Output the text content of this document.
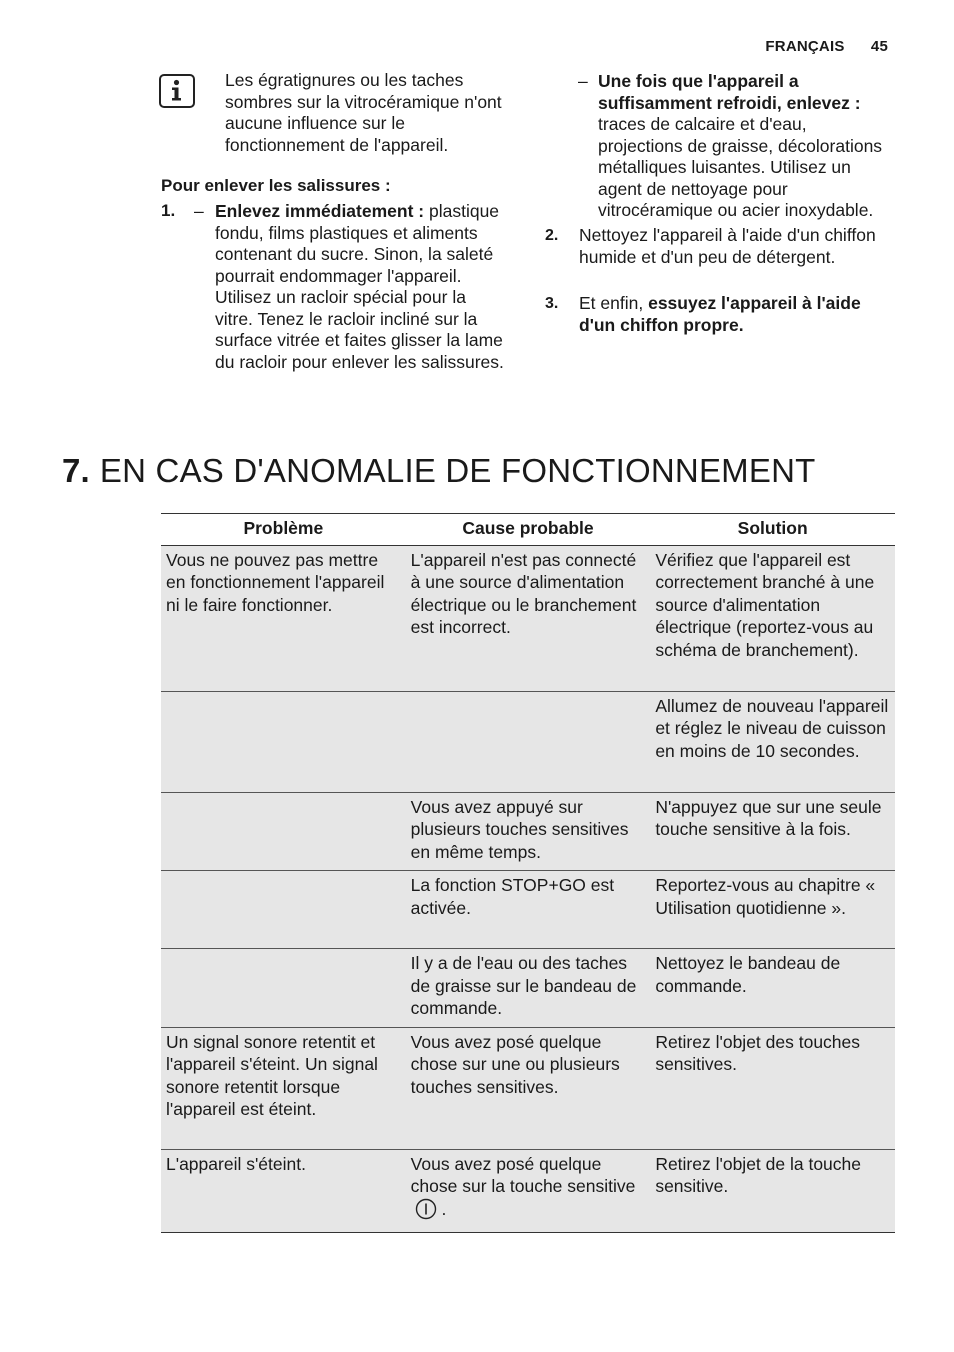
FRANÇAIS 45
Les égratignures ou les taches sombres sur la vitrocéramique n'ont aucune influence sur le fonctionnement de l'appareil.
Pour enlever les salissures :
1. – Enlevez immédiatement : plastique fondu, films plastiques et aliments contenant du sucre. Sinon, la saleté pourrait endommager l'appareil. Utilisez un racloir spécial pour la vitre. Tenez le racloir incliné sur la surface vitrée et faites glisser la lame du racloir pour enlever les salissures.
– Une fois que l'appareil a suffisamment refroidi, enlevez : traces de calcaire et d'eau, projections de graisse, décolorations métalliques luisantes. Utilisez un agent de nettoyage pour vitrocéramique ou acier inoxydable.
2. Nettoyez l'appareil à l'aide d'un chiffon humide et d'un peu de détergent.
3. Et enfin, essuyez l'appareil à l'aide d'un chiffon propre.
7. EN CAS D'ANOMALIE DE FONCTIONNEMENT
Problème	Cause probable	Solution
Vous ne pouvez pas mettre en fonctionnement l'appareil ni le faire fonctionner.	L'appareil n'est pas connecté à une source d'alimentation électrique ou le branchement est incorrect.	Vérifiez que l'appareil est correctement branché à une source d'alimentation électrique (reportez-vous au schéma de branchement).
		Allumez de nouveau l'appareil et réglez le niveau de cuisson en moins de 10 secondes.
	Vous avez appuyé sur plusieurs touches sensitives en même temps.	N'appuyez que sur une seule touche sensitive à la fois.
	La fonction STOP+GO est activée.	Reportez-vous au chapitre « Utilisation quotidienne ».
	Il y a de l'eau ou des taches de graisse sur le bandeau de commande.	Nettoyez le bandeau de commande.
Un signal sonore retentit et l'appareil s'éteint. Un signal sonore retentit lorsque l'appareil est éteint.	Vous avez posé quelque chose sur une ou plusieurs touches sensitives.	Retirez l'objet des touches sensitives.
L'appareil s'éteint.	Vous avez posé quelque chose sur la touche sensitive  .	Retirez l'objet de la touche sensitive.
